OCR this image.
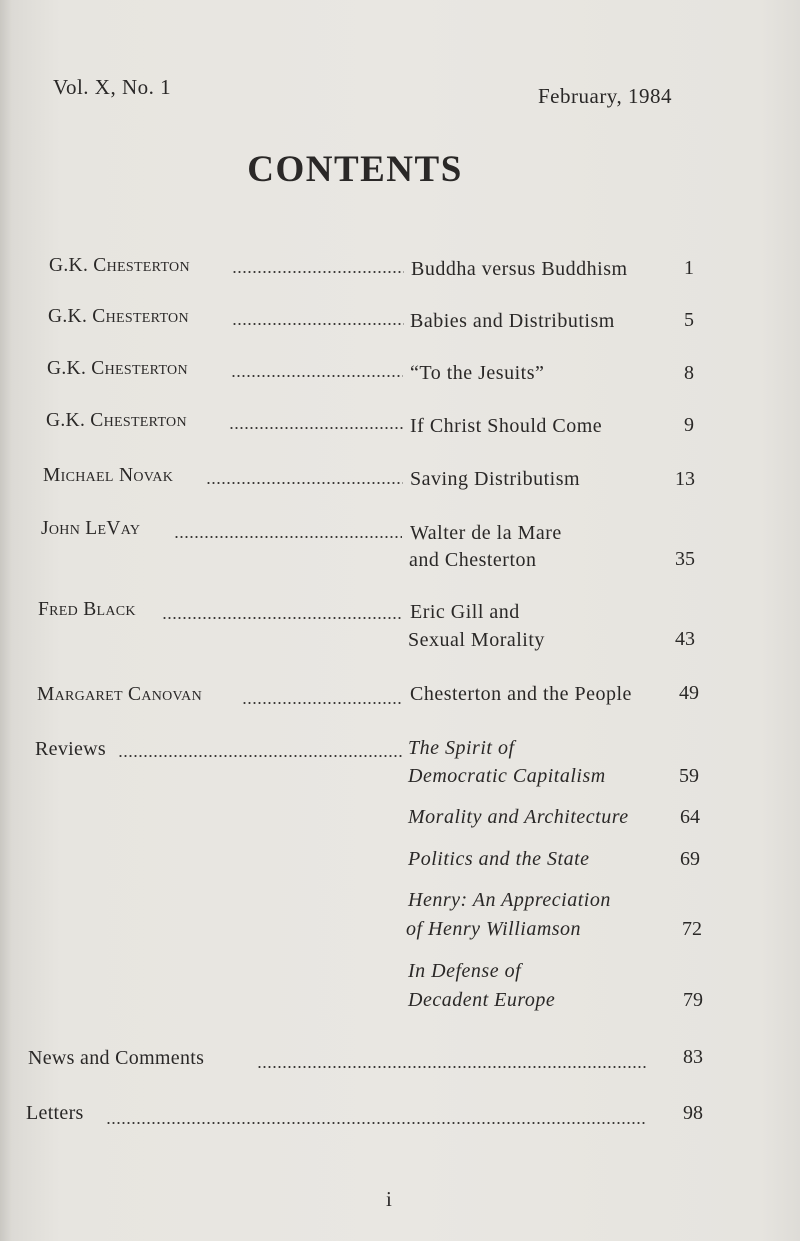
Vol. X, No. 1	February, 1984
CONTENTS
G.K. Chesterton	Buddha versus Buddhism	1
G.K. Chesterton	Babies and Distributism	5
G.K. Chesterton	“To the Jesuits”	8
G.K. Chesterton	If Christ Should Come	9
Michael Novak	Saving Distributism	13
John LeVay	Walter de la Mare
and Chesterton	35
Fred Black	Eric Gill and
Sexual Morality	43
Margaret Canovan	Chesterton and the People	49
Reviews	The Spirit of
Democratic Capitalism	59
Morality and Architecture	64
Politics and the State	69
Henry: An Appreciation
of Henry Williamson	72
In Defense of
Decadent Europe	79
News and Comments	83
Letters	98
i
